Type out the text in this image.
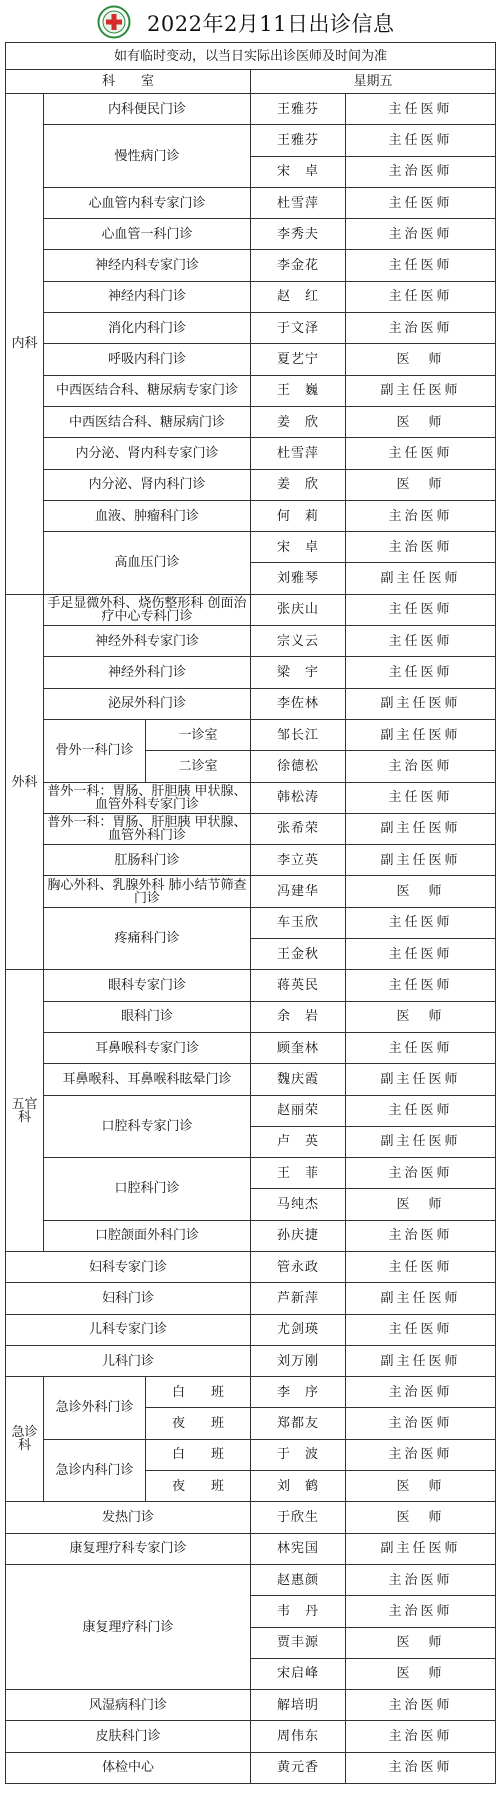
2022年2月11日出诊信息
如有临时变动，以当日实际出诊医师及时间为准				
科　　室			星期五	
内科	内科便民门诊		王雅芬	主任医师
	慢性病门诊		王雅芬	主任医师
			宋　卓	主治医师
	心血管内科专家门诊		杜雪萍	主任医师
	心血管一科门诊		李秀夫	主治医师
	神经内科专家门诊		李金花	主任医师
	神经内科门诊		赵　红	主任医师
	消化内科门诊		于文泽	主治医师
	呼吸内科门诊		夏艺宁	医　师
	中西医结合科、糖尿病专家门诊		王　巍	副主任医师
	中西医结合科、糖尿病门诊		姜　欣	医　师
	内分泌、肾内科专家门诊		杜雪萍	主任医师
	内分泌、肾内科门诊		姜　欣	医　师
	血液、肿瘤科门诊		何　莉	主治医师
	高血压门诊		宋　卓	主治医师
			刘雅琴	副主任医师
外科	手足显微外科、烧伤整形科 创面治疗中心专科门诊		张庆山	主任医师
	神经外科专家门诊		宗义云	主任医师
	神经外科门诊		梁　宇	主任医师
	泌尿外科门诊		李佐林	副主任医师
	骨外一科门诊	一诊室	邹长江	副主任医师
		二诊室	徐德松	主治医师
	普外一科：胃肠、肝胆胰 甲状腺、血管外科专家门诊		韩松涛	主任医师
	普外一科：胃肠、肝胆胰 甲状腺、血管外科门诊		张希荣	副主任医师
	肛肠科门诊		李立英	副主任医师
	胸心外科、乳腺外科 肺小结节筛查门诊		冯建华	医　师
	疼痛科门诊		车玉欣	主任医师
			王金秋	主任医师
五官科	眼科专家门诊		蒋英民	主任医师
	眼科门诊		余　岩	医　师
	耳鼻喉科专家门诊		顾奎林	主任医师
	耳鼻喉科、耳鼻喉科眩晕门诊		魏庆霞	副主任医师
	口腔科专家门诊		赵丽荣	主任医师
			卢　英	副主任医师
	口腔科门诊		王　菲	主治医师
			马纯杰	医　师
	口腔颌面外科门诊		孙庆捷	主治医师
妇科专家门诊			管永政	主任医师
妇科门诊			芦新萍	副主任医师
儿科专家门诊			尤剑瑛	主任医师
儿科门诊			刘万刚	副主任医师
急诊科	急诊外科门诊	白　　班	李　序	主治医师
		夜　　班	郑都友	主治医师
	急诊内科门诊	白　　班	于　波	主治医师
		夜　　班	刘　鹤	医　师
发热门诊			于欣生	医　师
康复理疗科专家门诊			林宪国	副主任医师
康复理疗科门诊			赵惠颜	主治医师
			韦　丹	主治医师
			贾丰源	医　师
			宋启峰	医　师
风湿病科门诊			解培明	主治医师
皮肤科门诊			周伟东	主治医师
体检中心			黄元香	主治医师
